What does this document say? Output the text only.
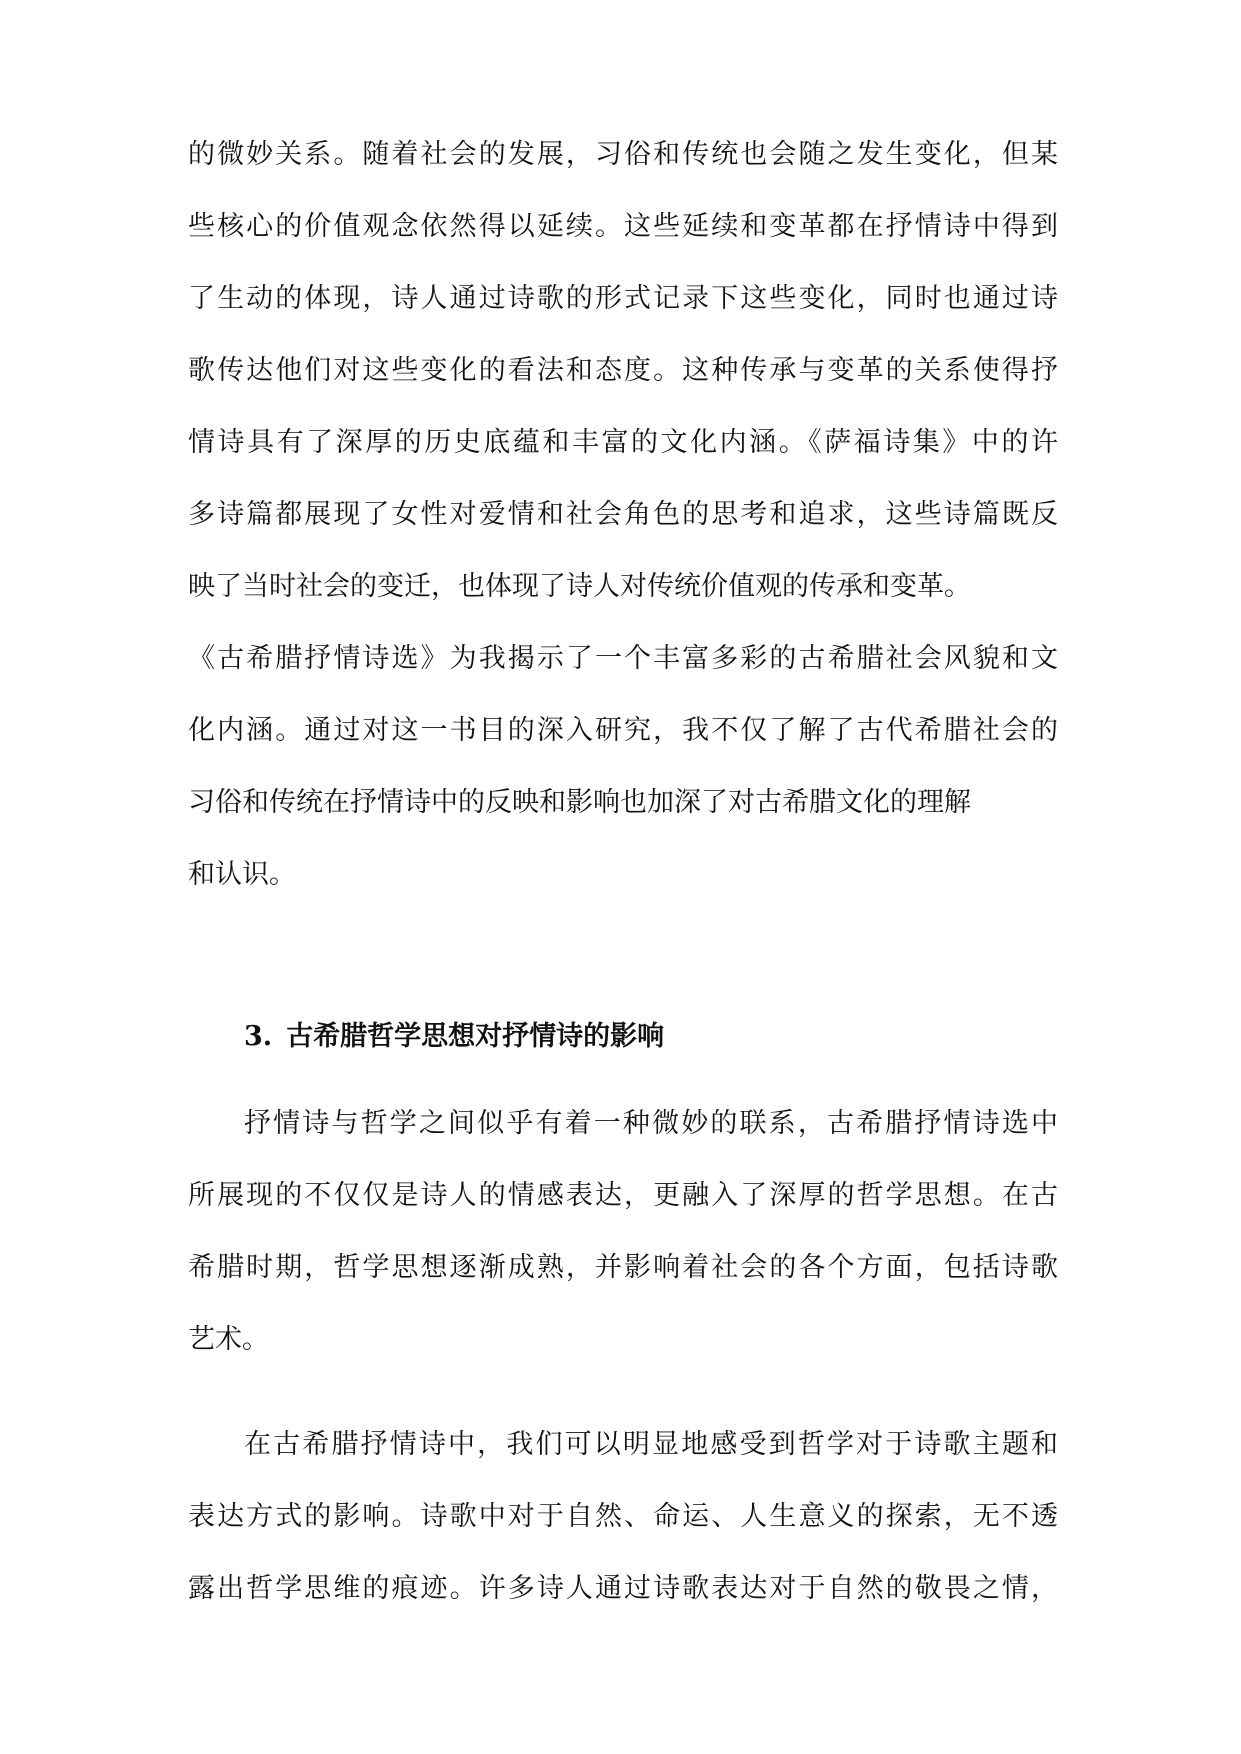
的微妙关系。随着社会的发展，习俗和传统也会随之发生变化，但某
些核心的价值观念依然得以延续。这些延续和变革都在抒情诗中得到
了生动的体现，诗人通过诗歌的形式记录下这些变化，同时也通过诗
歌传达他们对这些变化的看法和态度。这种传承与变革的关系使得抒
情诗具有了深厚的历史底蕴和丰富的文化内涵。《萨福诗集》中的许
多诗篇都展现了女性对爱情和社会角色的思考和追求，这些诗篇既反
映了当时社会的变迁，也体现了诗人对传统价值观的传承和变革。
《古希腊抒情诗选》为我揭示了一个丰富多彩的古希腊社会风貌和文
化内涵。通过对这一书目的深入研究，我不仅了解了古代希腊社会的
习俗和传统在抒情诗中的反映和影响也加深了对古希腊文化的理解
和认识。
3. 古希腊哲学思想对抒情诗的影响
抒情诗与哲学之间似乎有着一种微妙的联系，古希腊抒情诗选中
所展现的不仅仅是诗人的情感表达，更融入了深厚的哲学思想。在古
希腊时期，哲学思想逐渐成熟，并影响着社会的各个方面，包括诗歌
艺术。
在古希腊抒情诗中，我们可以明显地感受到哲学对于诗歌主题和
表达方式的影响。诗歌中对于自然、命运、人生意义的探索，无不透
露出哲学思维的痕迹。许多诗人通过诗歌表达对于自然的敬畏之情，
